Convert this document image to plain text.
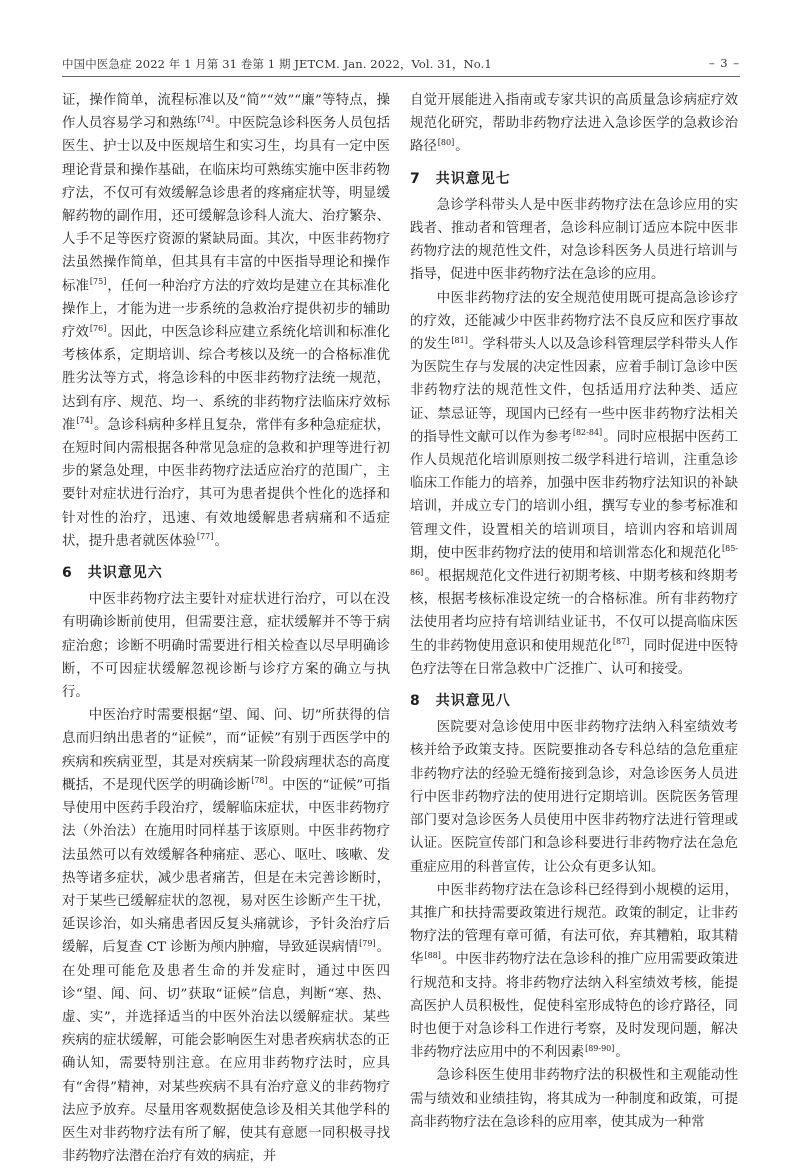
中国中医急症 2022 年 1 月第 31 卷第 1 期 JETCM. Jan. 2022，Vol. 31，No.1	– 3 –

证，操作简单，流程标准以及“简”“效”“廉”等特点，操作人员容易学习和熟练[74]。中医院急诊科医务人员包括医生、护士以及中医规培生和实习生，均具有一定中医理论背景和操作基础，在临床均可熟练实施中医非药物疗法，不仅可有效缓解急诊患者的疼痛症状等，明显缓解药物的副作用，还可缓解急诊科人流大、治疗繁杂、人手不足等医疗资源的紧缺局面。其次，中医非药物疗法虽然操作简单，但其具有丰富的中医指导理论和操作标准[75]，任何一种治疗方法的疗效均是建立在其标准化操作上，才能为进一步系统的急救治疗提供初步的辅助疗效[76]。因此，中医急诊科应建立系统化培训和标准化考核体系，定期培训、综合考核以及统一的合格标准优胜劣汰等方式，将急诊科的中医非药物疗法统一规范，达到有序、规范、均一、系统的非药物疗法临床疗效标准[74]。急诊科病种多样且复杂，常伴有多种急症症状，在短时间内需根据各种常见急症的急救和护理等进行初步的紧急处理，中医非药物疗法适应治疗的范围广，主要针对症状进行治疗，其可为患者提供个性化的选择和针对性的治疗，迅速、有效地缓解患者病痛和不适症状，提升患者就医体验[77]。

6　共识意见六

中医非药物疗法主要针对症状进行治疗，可以在没有明确诊断前使用，但需要注意，症状缓解并不等于病症治愈；诊断不明确时需要进行相关检查以尽早明确诊断，不可因症状缓解忽视诊断与诊疗方案的确立与执行。

中医治疗时需要根据“望、闻、问、切”所获得的信息而归纳出患者的“证候”，而“证候”有别于西医学中的疾病和疾病亚型，其是对疾病某一阶段病理状态的高度概括，不是现代医学的明确诊断[78]。中医的“证候”可指导使用中医药手段治疗，缓解临床症状，中医非药物疗法（外治法）在施用时同样基于该原则。中医非药物疗法虽然可以有效缓解各种痛症、恶心、呕吐、咳嗽、发热等诸多症状，减少患者痛苦，但是在未完善诊断时，对于某些已缓解症状的忽视，易对医生诊断产生干扰，延误诊治，如头痛患者因反复头痛就诊，予针灸治疗后缓解，后复查 CT 诊断为颅内肿瘤，导致延误病情[79]。在处理可能危及患者生命的并发症时，通过中医四诊“望、闻、问、切”获取“证候”信息，判断“寒、热、虚、实”，并选择适当的中医外治法以缓解症状。某些疾病的症状缓解，可能会影响医生对患者疾病状态的正确认知，需要特别注意。在应用非药物疗法时，应具有“舍得”精神，对某些疾病不具有治疗意义的非药物疗法应予放弃。尽量用客观数据使急诊及相关其他学科的医生对非药物疗法有所了解，使其有意愿一同积极寻找非药物疗法潜在治疗有效的病症，并

自觉开展能进入指南或专家共识的高质量急诊病症疗效规范化研究，帮助非药物疗法进入急诊医学的急救诊治路径[80]。

7　共识意见七

急诊学科带头人是中医非药物疗法在急诊应用的实践者、推动者和管理者，急诊科应制订适应本院中医非药物疗法的规范性文件，对急诊科医务人员进行培训与指导，促进中医非药物疗法在急诊的应用。

中医非药物疗法的安全规范使用既可提高急诊诊疗的疗效，还能减少中医非药物疗法不良反应和医疗事故的发生[81]。学科带头人以及急诊科管理层学科带头人作为医院生存与发展的决定性因素，应着手制订急诊中医非药物疗法的规范性文件，包括适用疗法种类、适应证、禁忌证等，现国内已经有一些中医非药物疗法相关的指导性文献可以作为参考[82-84]。同时应根据中医药工作人员规范化培训原则按二级学科进行培训，注重急诊临床工作能力的培养，加强中医非药物疗法知识的补缺培训，并成立专门的培训小组，撰写专业的参考标准和管理文件，设置相关的培训项目，培训内容和培训周期，使中医非药物疗法的使用和培训常态化和规范化[85-86]。根据规范化文件进行初期考核、中期考核和终期考核，根据考核标准设定统一的合格标准。所有非药物疗法使用者均应持有培训结业证书，不仅可以提高临床医生的非药物使用意识和使用规范化[87]，同时促进中医特色疗法等在日常急救中广泛推广、认可和接受。

8　共识意见八

医院要对急诊使用中医非药物疗法纳入科室绩效考核并给予政策支持。医院要推动各专科总结的急危重症非药物疗法的经验无缝衔接到急诊，对急诊医务人员进行中医非药物疗法的使用进行定期培训。医院医务管理部门要对急诊医务人员使用中医非药物疗法进行管理或认证。医院宣传部门和急诊科要进行非药物疗法在急危重症应用的科普宣传，让公众有更多认知。

中医非药物疗法在急诊科已经得到小规模的运用，其推广和扶持需要政策进行规范。政策的制定，让非药物疗法的管理有章可循，有法可依，弃其糟粕，取其精华[88]。中医非药物疗法在急诊科的推广应用需要政策进行规范和支持。将非药物疗法纳入科室绩效考核，能提高医护人员积极性，促使科室形成特色的诊疗路径，同时也便于对急诊科工作进行考察，及时发现问题，解决非药物疗法应用中的不利因素[89-90]。

急诊科医生使用非药物疗法的积极性和主观能动性需与绩效和业绩挂钩，将其成为一种制度和政策，可提高非药物疗法在急诊科的应用率，使其成为一种常
